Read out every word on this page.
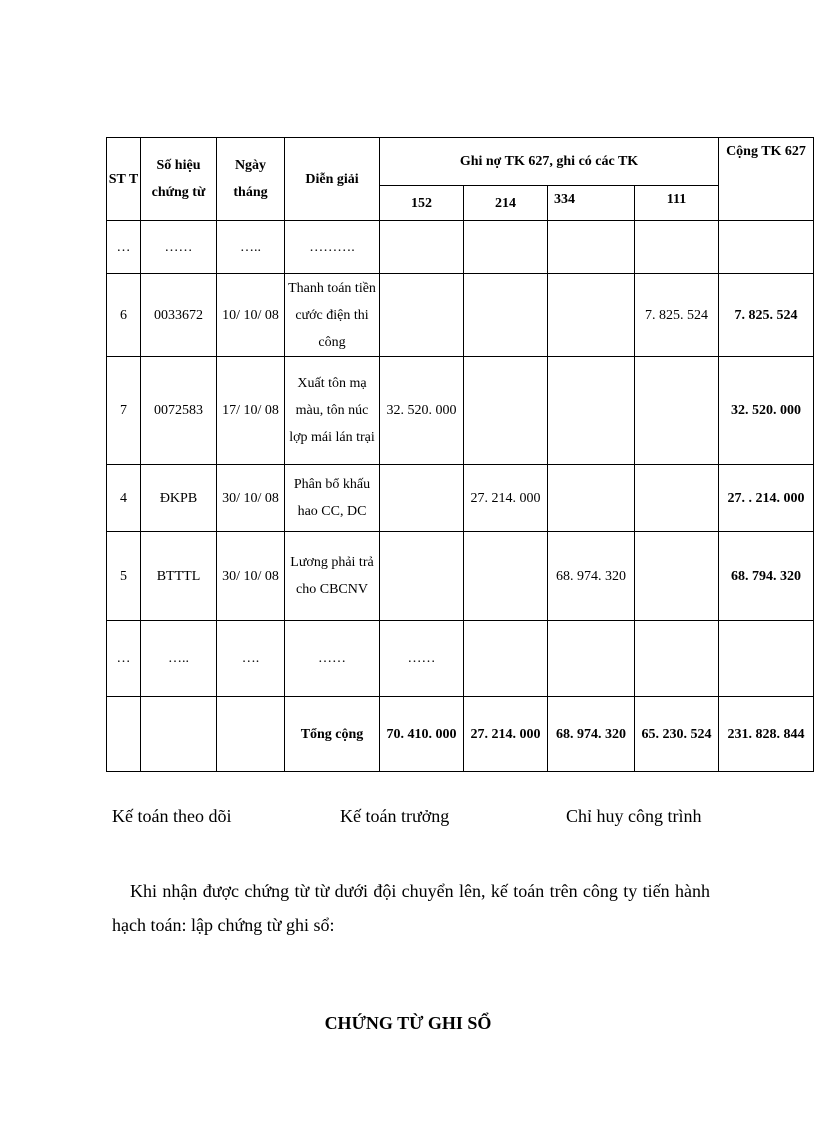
ST T	Số hiệu chứng từ	Ngày tháng	Diễn giải	Ghi nợ TK 627, ghi có các TK				Cộng TK 627
				152	214	334	111	
…	……	…..	……….					
6	0033672	10/ 10/ 08	Thanh toán tiền cước điện thi công				7. 825. 524	7. 825. 524
7	0072583	17/ 10/ 08	Xuất tôn mạ màu, tôn núc lợp mái lán trại	32. 520. 000				32. 520. 000
4	ĐKPB	30/ 10/ 08	Phân bổ khấu hao CC, DC		27. 214. 000			27. . 214. 000
5	BTTTL	30/ 10/ 08	Lương phải trả cho CBCNV			68. 974. 320		68. 794. 320
…	…..	….	……	……				
			Tổng cộng	70. 410. 000	27. 214. 000	68. 974. 320	65. 230. 524	231. 828. 844
Kế toán theo dõi	Kế toán trưởng	Chỉ huy công trình

Khi nhận được chứng từ từ dưới đội chuyển lên, kế toán trên công ty tiến hành hạch toán: lập chứng từ ghi sổ:

CHỨNG TỪ GHI SỔ
